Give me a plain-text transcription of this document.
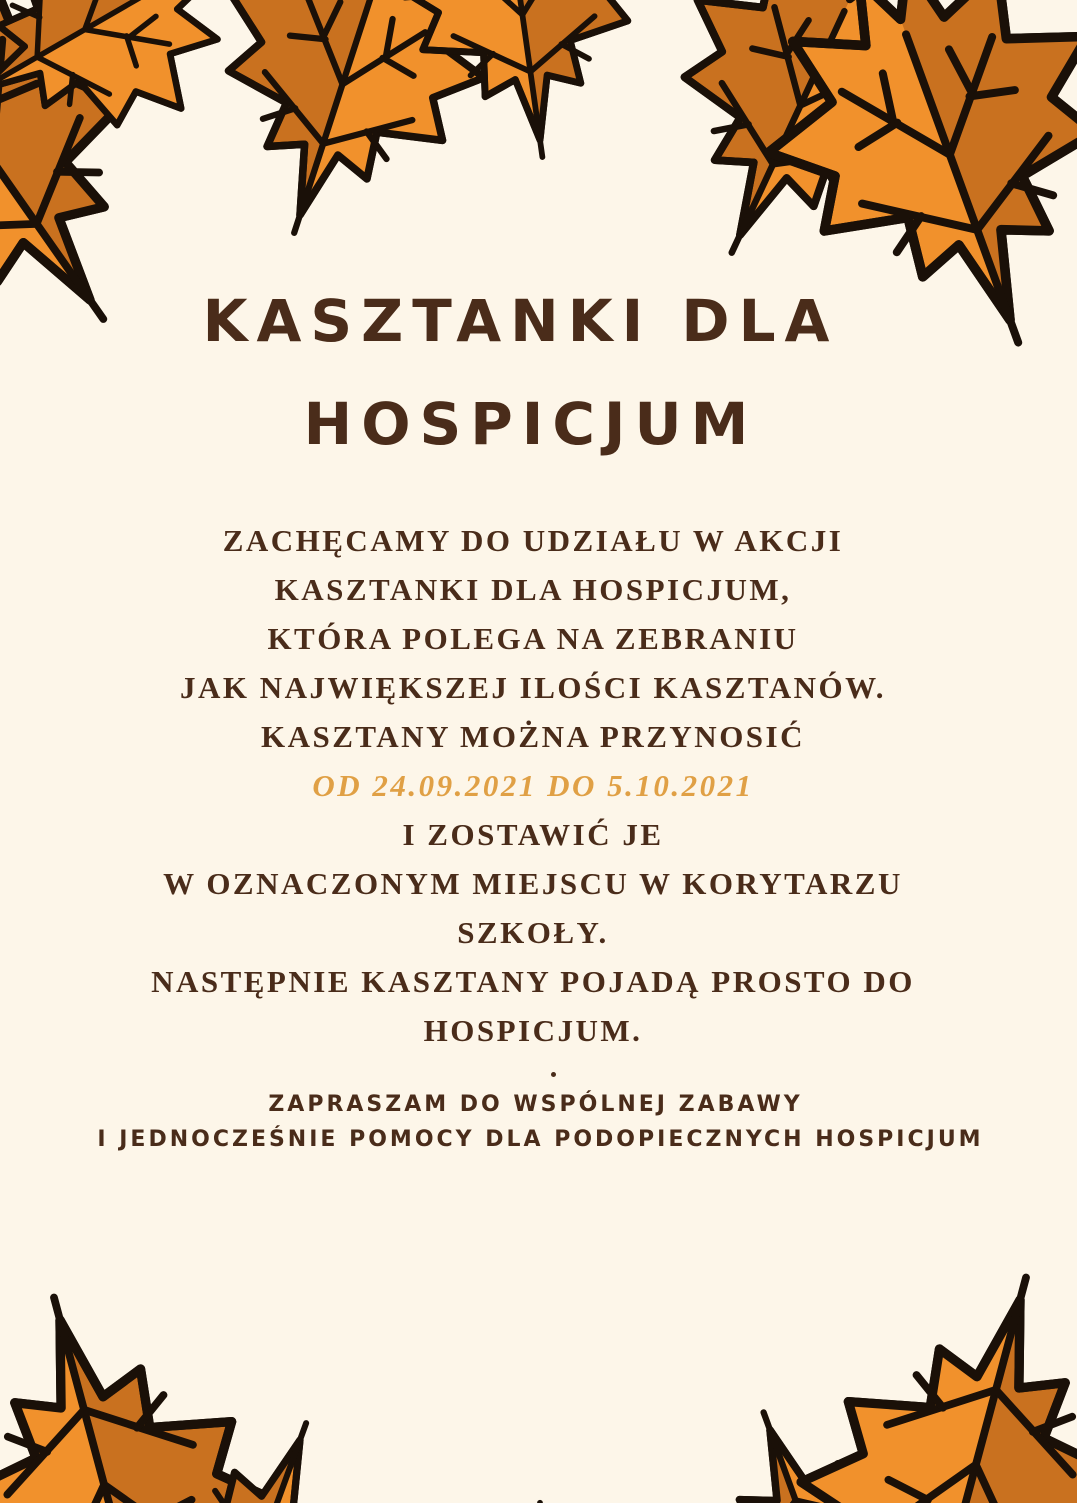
KASZTANKI DLA
HOSPICJUM
ZACHĘCAMY DO UDZIAŁU W AKCJI
KASZTANKI DLA HOSPICJUM,
KTÓRA POLEGA NA ZEBRANIU
JAK NAJWIĘKSZEJ ILOŚCI KASZTANÓW.
KASZTANY MOŻNA PRZYNOSIĆ
OD 24.09.2021 DO 5.10.2021
I ZOSTAWIĆ JE
W OZNACZONYM MIEJSCU W KORYTARZU
SZKOŁY.
NASTĘPNIE KASZTANY POJADĄ PROSTO DO
HOSPICJUM.
ZAPRASZAM DO WSPÓLNEJ ZABAWY
I JEDNOCZEŚNIE POMOCY DLA PODOPIECZNYCH HOSPICJUM
